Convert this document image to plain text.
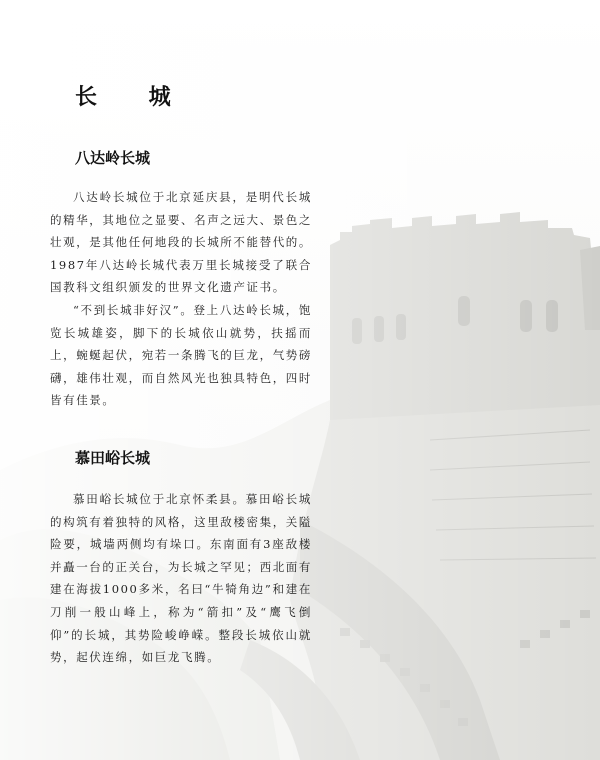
长 城
八达岭长城

八达岭长城位于北京延庆县，是明代长城的精华，其地位之显要、名声之远大、景色之壮观，是其他任何地段的长城所不能替代的。1987年八达岭长城代表万里长城接受了联合国教科文组织颁发的世界文化遗产证书。

“不到长城非好汉”。登上八达岭长城，饱览长城雄姿，脚下的长城依山就势，扶摇而上，蜿蜒起伏，宛若一条腾飞的巨龙，气势磅礴，雄伟壮观，而自然风光也独具特色，四时皆有佳景。

慕田峪长城

慕田峪长城位于北京怀柔县。慕田峪长城的构筑有着独特的风格，这里敌楼密集，关隘险要，城墙两侧均有垛口。东南面有3座敌楼并矗一台的正关台，为长城之罕见；西北面有建在海拔1000多米，名曰“牛犄角边”和建在刀削一般山峰上，称为“箭扣”及“鹰飞倒仰”的长城，其势险峻峥嵘。整段长城依山就势，起伏连绵，如巨龙飞腾。
